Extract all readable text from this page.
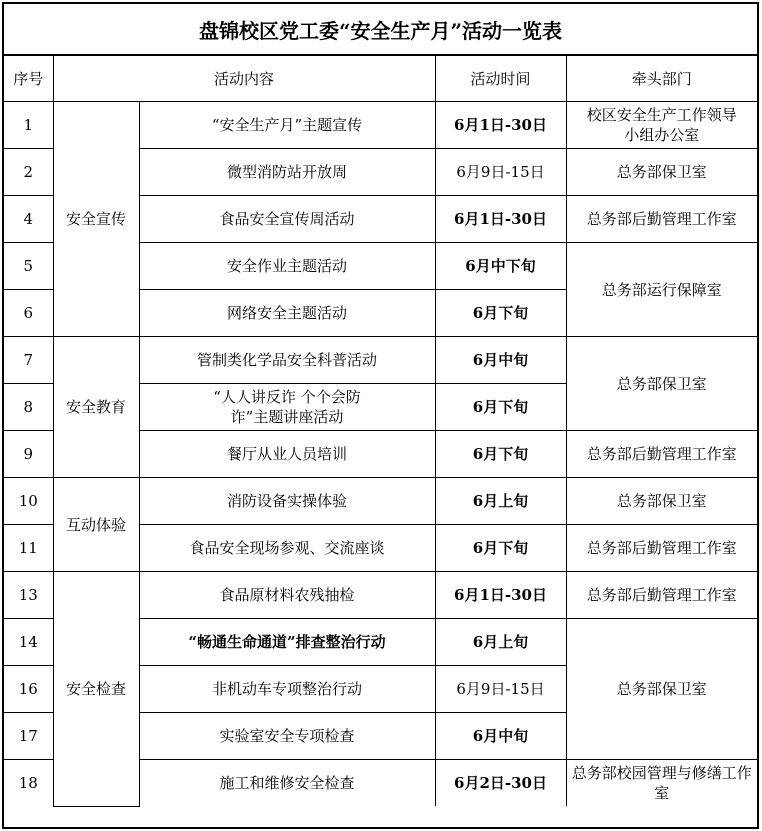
盘锦校区党工委“安全生产月”活动一览表
序号	活动内容		活动时间	牵头部门
1	安全宣传	“安全生产月”主题宣传	6月1日-30日	校区安全生产工作领导小组办公室
2		微型消防站开放周	6月9日-15日	总务部保卫室
4		食品安全宣传周活动	6月1日-30日	总务部后勤管理工作室
5		安全作业主题活动	6月中下旬	总务部运行保障室
6		网络安全主题活动	6月下旬	
7	安全教育	管制类化学品安全科普活动	6月中旬	总务部保卫室
8		“人人讲反诈 个个会防诈”主题讲座活动	6月下旬	
9		餐厅从业人员培训	6月下旬	总务部后勤管理工作室
10	互动体验	消防设备实操体验	6月上旬	总务部保卫室
11		食品安全现场参观、交流座谈	6月下旬	总务部后勤管理工作室
13	安全检查	食品原材料农残抽检	6月1日-30日	总务部后勤管理工作室
14		“畅通生命通道”排查整治行动	6月上旬	总务部保卫室
16		非机动车专项整治行动	6月9日-15日	
17		实验室安全专项检查	6月中旬	
18		施工和维修安全检查	6月2日-30日	总务部校园管理与修缮工作室
